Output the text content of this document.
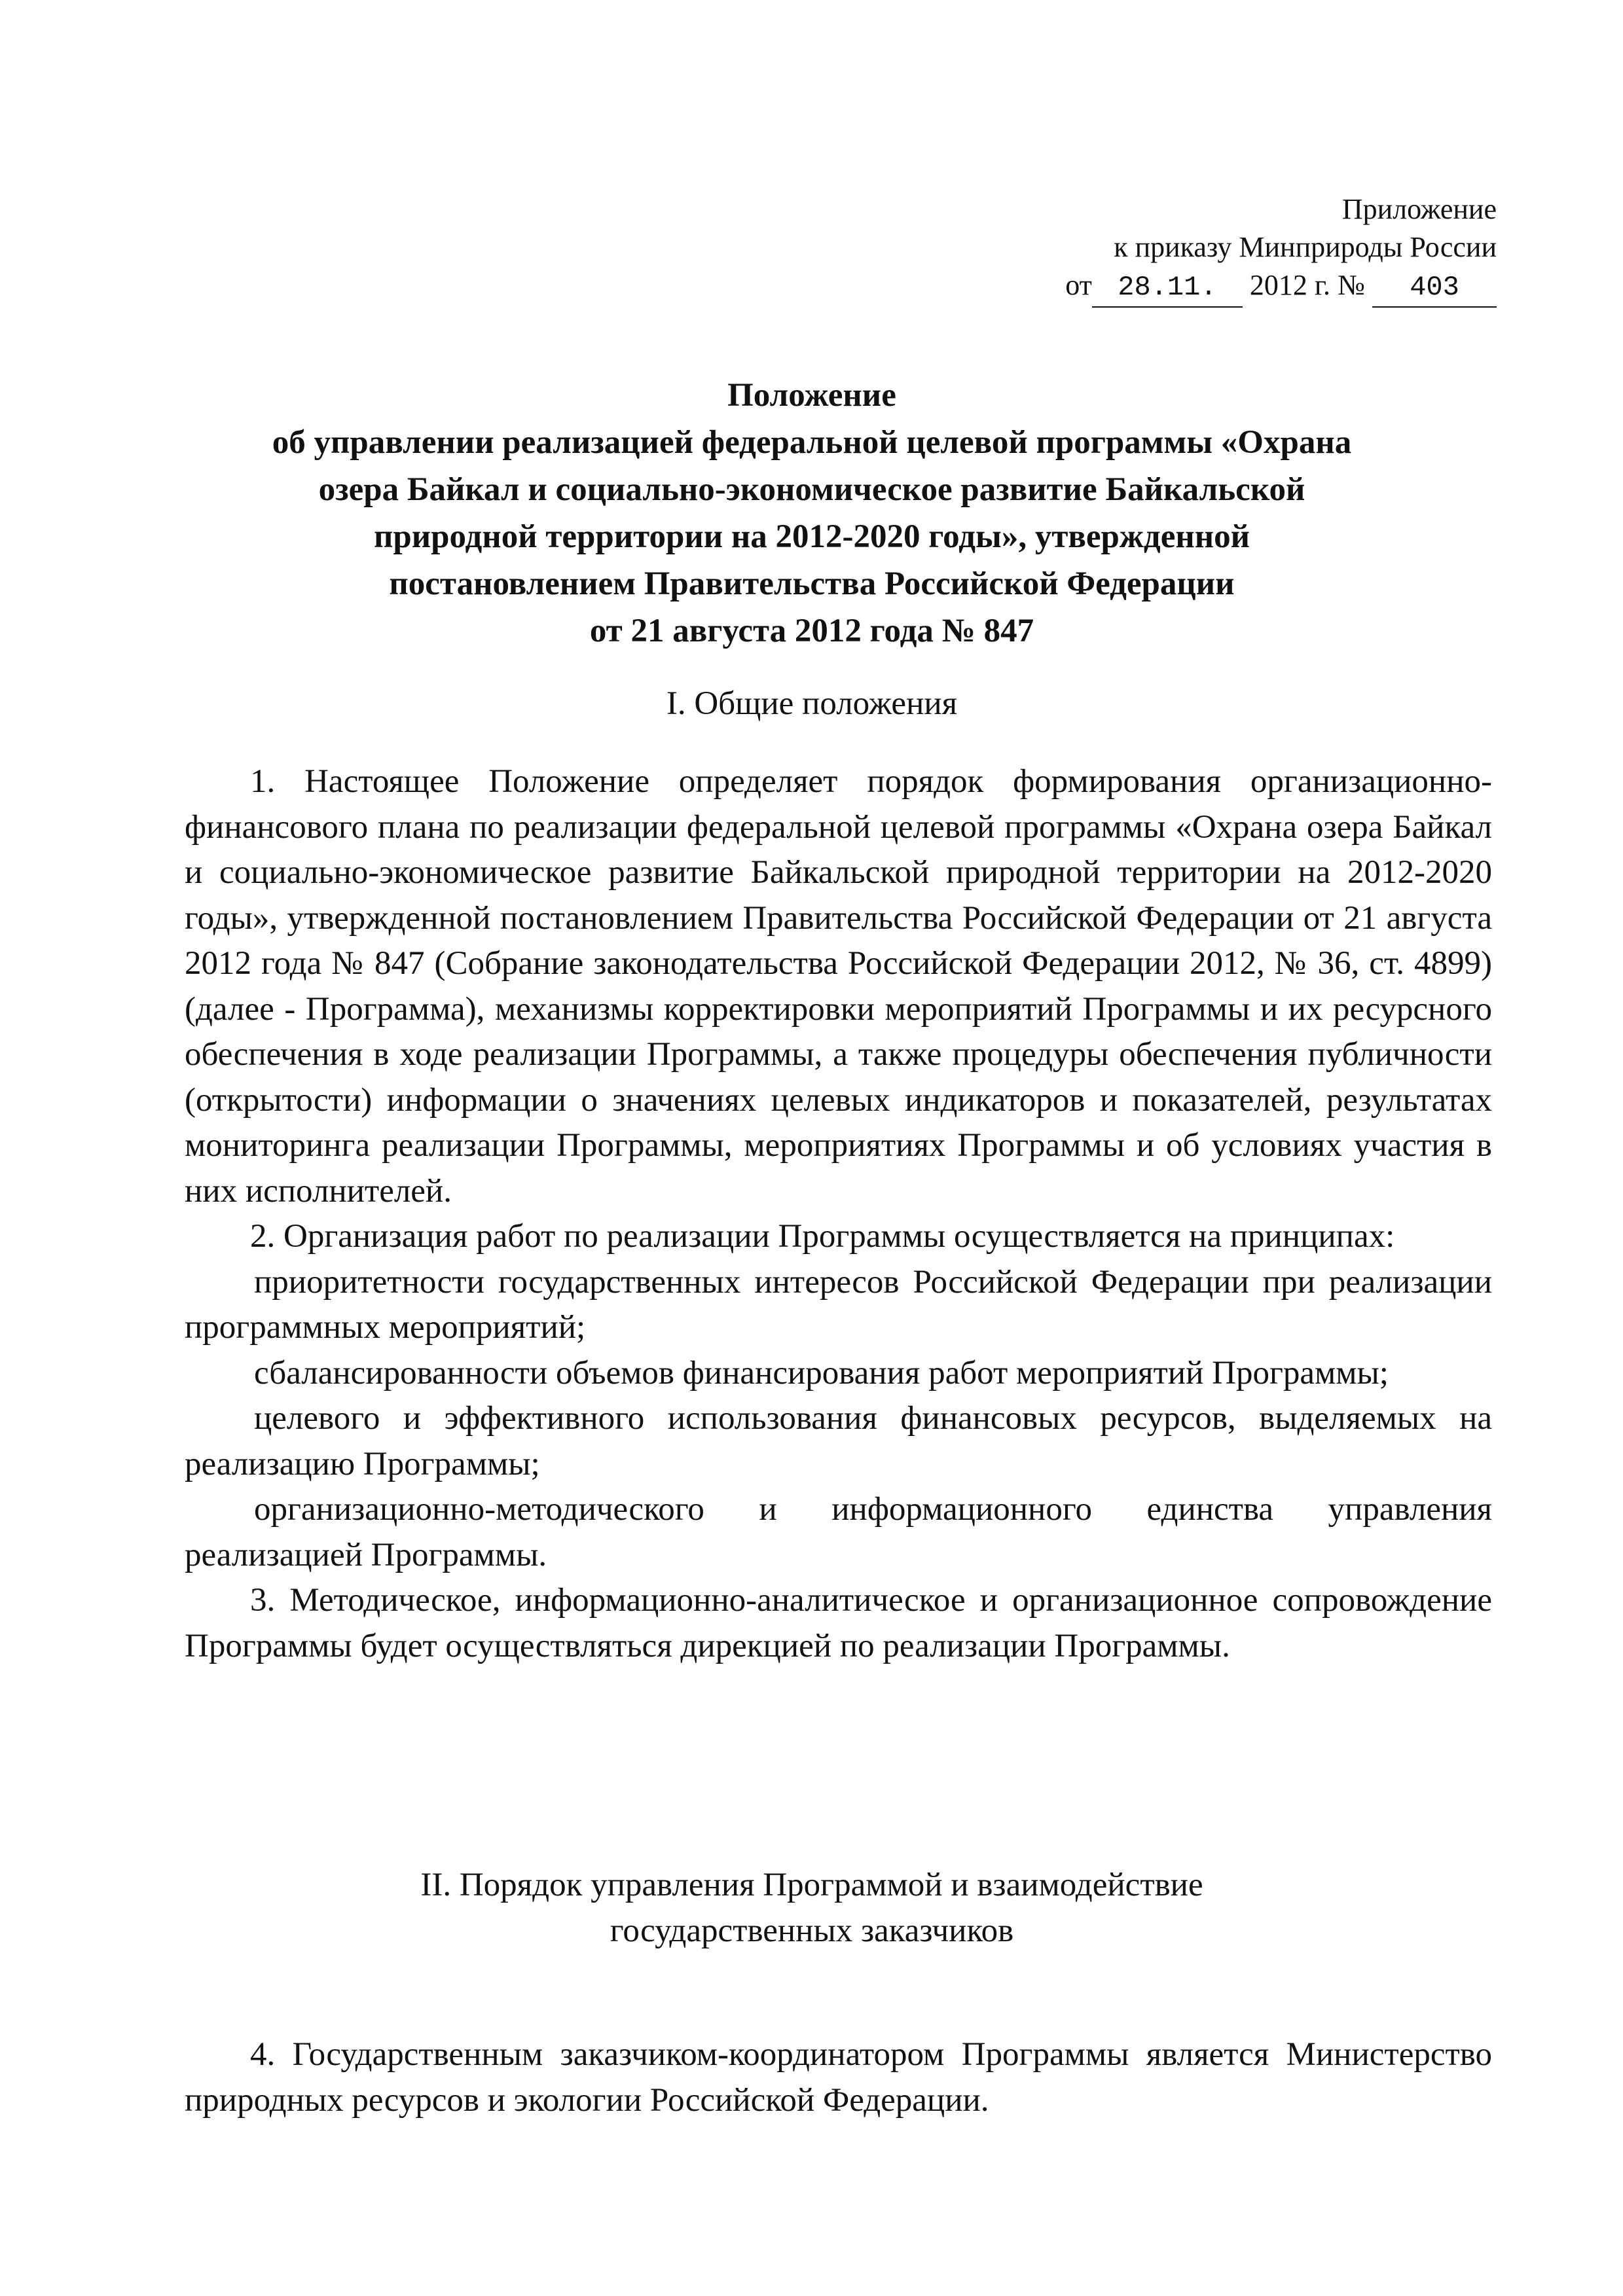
Приложение
к приказу Минприроды России
от 28.11. 2012 г. № 403
Положение
об управлении реализацией федеральной целевой программы «Охрана
озера Байкал и социально-экономическое развитие Байкальской
природной территории на 2012-2020 годы», утвержденной
постановлением Правительства Российской Федерации
от 21 августа 2012 года № 847
I. Общие положения
1. Настоящее Положение определяет порядок формирования организационно-финансового плана по реализации федеральной целевой программы «Охрана озера Байкал и социально-экономическое развитие Байкальской природной территории на 2012-2020 годы», утвержденной постановлением Правительства Российской Федерации от 21 августа 2012 года № 847 (Собрание законодательства Российской Федерации 2012, № 36, ст. 4899) (далее - Программа), механизмы корректировки мероприятий Программы и их ресурсного обеспечения в ходе реализации Программы, а также процедуры обеспечения публичности (открытости) информации о значениях целевых индикаторов и показателей, результатах мониторинга реализации Программы, мероприятиях Программы и об условиях участия в них исполнителей.
2. Организация работ по реализации Программы осуществляется на принципах:
приоритетности государственных интересов Российской Федерации при реализации программных мероприятий;
сбалансированности объемов финансирования работ мероприятий Программы;
целевого и эффективного использования финансовых ресурсов, выделяемых на реализацию Программы;
организационно-методического и информационного единства управления реализацией Программы.
3. Методическое, информационно-аналитическое и организационное сопровождение Программы будет осуществляться дирекцией по реализации Программы.
II. Порядок управления Программой и взаимодействие
государственных заказчиков
4. Государственным заказчиком-координатором Программы является Министерство природных ресурсов и экологии Российской Федерации.
